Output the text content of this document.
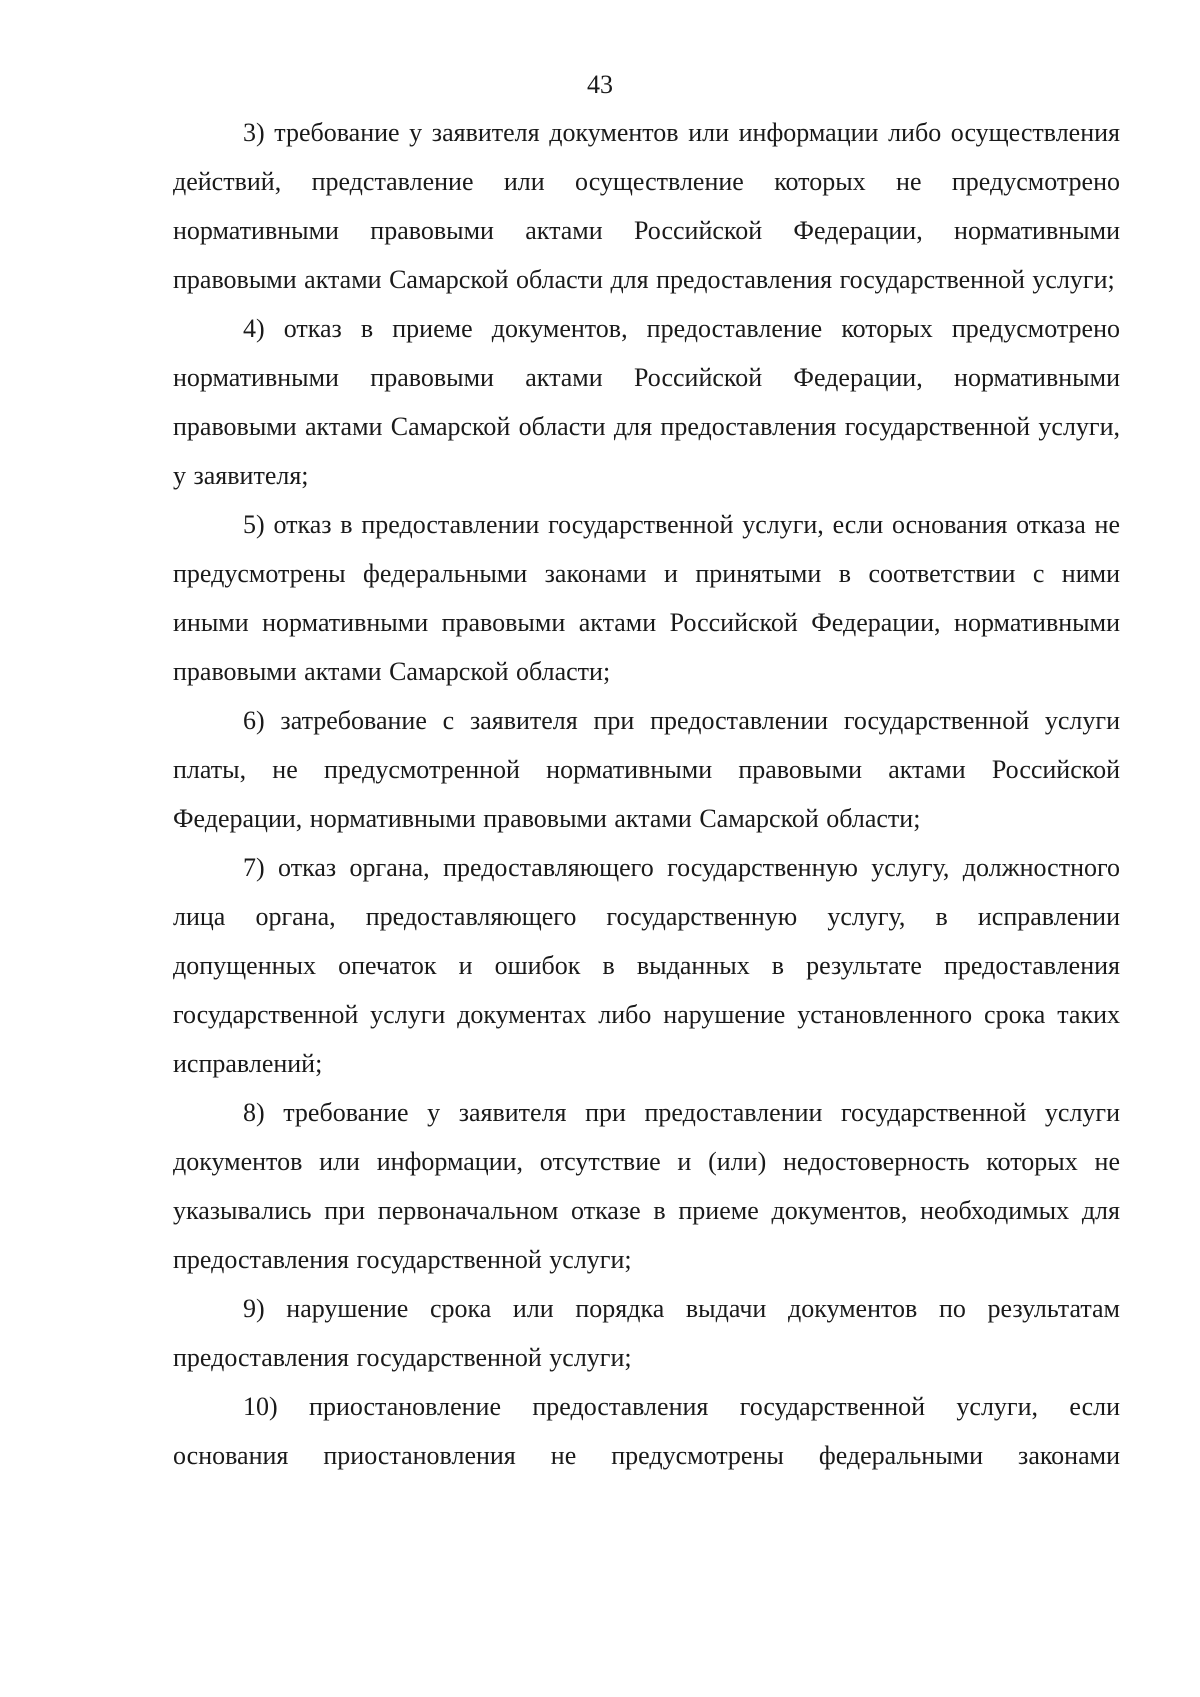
43

3) требование у заявителя документов или информации либо осуществления действий, представление или осуществление которых не предусмотрено нормативными правовыми актами Российской Федерации, нормативными правовыми актами Самарской области для предоставления государственной услуги;

4) отказ в приеме документов, предоставление которых предусмотрено нормативными правовыми актами Российской Федерации, нормативными правовыми актами Самарской области для предоставления государственной услуги, у заявителя;

5) отказ в предоставлении государственной услуги, если основания отказа не предусмотрены федеральными законами и принятыми в соответствии с ними иными нормативными правовыми актами Российской Федерации, нормативными правовыми актами Самарской области;

6) затребование с заявителя при предоставлении государственной услуги платы, не предусмотренной нормативными правовыми актами Российской Федерации, нормативными правовыми актами Самарской области;

7) отказ органа, предоставляющего государственную услугу, должностного лица органа, предоставляющего государственную услугу, в исправлении допущенных опечаток и ошибок в выданных в результате предоставления государственной услуги документах либо нарушение установленного срока таких исправлений;

8) требование у заявителя при предоставлении государственной услуги документов или информации, отсутствие и (или) недостоверность которых не указывались при первоначальном отказе в приеме документов, необходимых для предоставления государственной услуги;

9) нарушение срока или порядка выдачи документов по результатам предоставления государственной услуги;

10) приостановление предоставления государственной услуги, если основания приостановления не предусмотрены федеральными законами
